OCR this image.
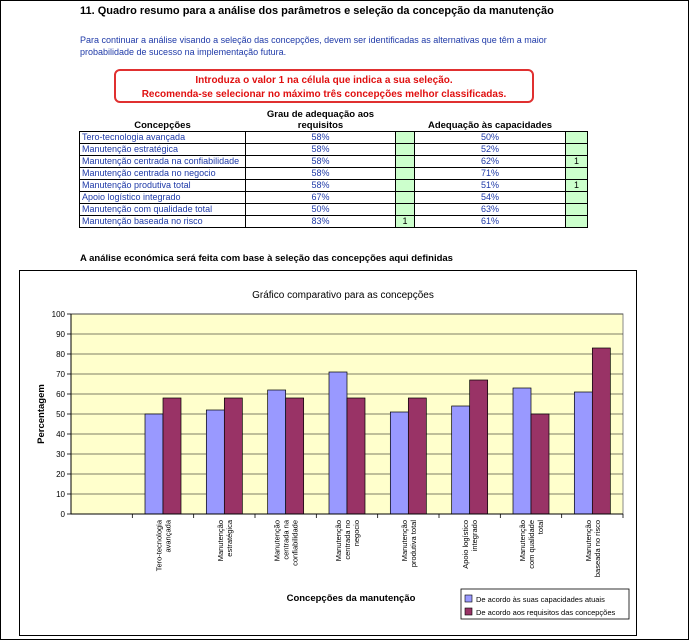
11. Quadro resumo para a análise dos parâmetros e seleção da concepção da manutenção
Para continuar a análise visando a seleção das concepções, devem ser identificadas as alternativas que têm a maior
probabilidade de sucesso na implementação futura.
Introduza o valor 1 na célula que indica a sua seleção.
Recomenda-se selecionar no máximo três concepções melhor classificadas.
Concepções	Grau de adequação aos
requisitos		Adequação às capacidades	
Tero-tecnologia avançada	58%		50%	
Manutenção estratégica	58%		52%	
Manutenção centrada na confiabilidade	58%		62%	1
Manutenção centrada no negocio	58%		71%	
Manutenção produtiva total	58%		51%	1
Apoio logístico integrado	67%		54%	
Manutenção com qualidade total	50%		63%	
Manutenção baseada no risco	83%	1	61%	
A análise económica será feita com base à seleção das concepções aqui definidas
Gráfico comparativo para as concepções
0
10
20
30
40
50
60
70
80
90
100
Tero-tecnologiaavançada	Manutençãoestratégica	Manutençãocentrada naconfiabilidade	Manutençãocentrada nonegocio	Manutençãoprodutiva total	Apoio logísticointegrado	Manutençãocom qualidadetotal	Manutençãobaseada no risco
Percentagem
Concepções da manutenção	De acordo às suas capacidades atuais
De acordo aos requisitos das concepções
